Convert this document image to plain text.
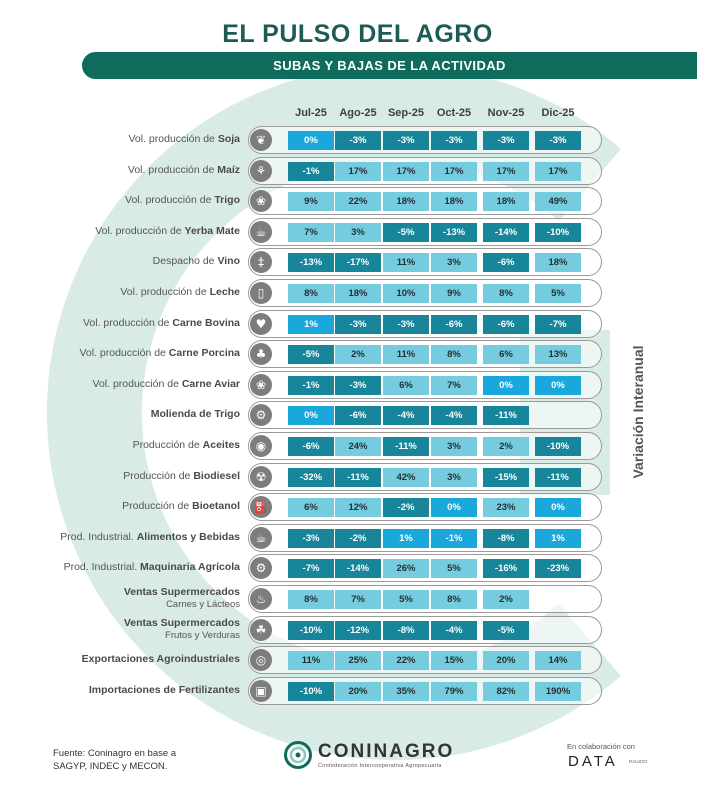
EL PULSO DEL AGRO
SUBAS Y BAJAS DE LA ACTIVIDAD
Jul-25	Ago-25	Sep-25	Oct-25	Nov-25	Dic-25
Vol. producción de Soja	❦	0%	-3%	-3%	-3%	-3%	-3%
Vol. producción de Maíz	⚘	-1%	17%	17%	17%	17%	17%
Vol. producción de Trigo	❀	9%	22%	18%	18%	18%	49%
Vol. producción de Yerba Mate	☕	7%	3%	-5%	-13%	-14%	-10%
Despacho de Vino	‡	-13%	-17%	11%	3%	-6%	18%
Vol. producción de Leche	▯	8%	18%	10%	9%	8%	5%
Vol. producción de Carne Bovina	♥	1%	-3%	-3%	-6%	-6%	-7%
Vol. producción de Carne Porcina	♣	-5%	2%	11%	8%	6%	13%
Vol. producción de Carne Aviar	❀	-1%	-3%	6%	7%	0%	0%
Molienda de Trigo	⚙	0%	-6%	-4%	-4%	-11%
Producción de Aceites	◉	-6%	24%	-11%	3%	2%	-10%
Producción de Biodiesel	☢	-32%	-11%	42%	3%	-15%	-11%
Producción de Bioetanol ⛽	6%	12%	-2%	0%	23%	0%
Prod. Industrial. Alimentos y Bebidas	☕	-3%	-2%	1%	-1%	-8%	1%
Prod. Industrial. Maquinaria Agrícola	⚙	-7%	-14%	26%	5%	-16%	-23%
Ventas Supermercados
Carnes y Lácteos	♨	8%	7%	5%	8%	2%
Ventas Supermercados
Frutos y Verduras	☘	-10%	-12%	-8%	-4%	-5%
Exportaciones Agroindustriales	◎	11%	25%	22%	15%	20%	14%
Importaciones de Fertilizantes	▣	-10%	20%	35%	79%	82%	190%
Variación Interanual
Fuente: Coninagro en base a
SAGYP, INDEC y MECON.
CONINAGRO
Confederación Intercooperativa Agropecuaria
En colaboración con
DATA RAUZZO
